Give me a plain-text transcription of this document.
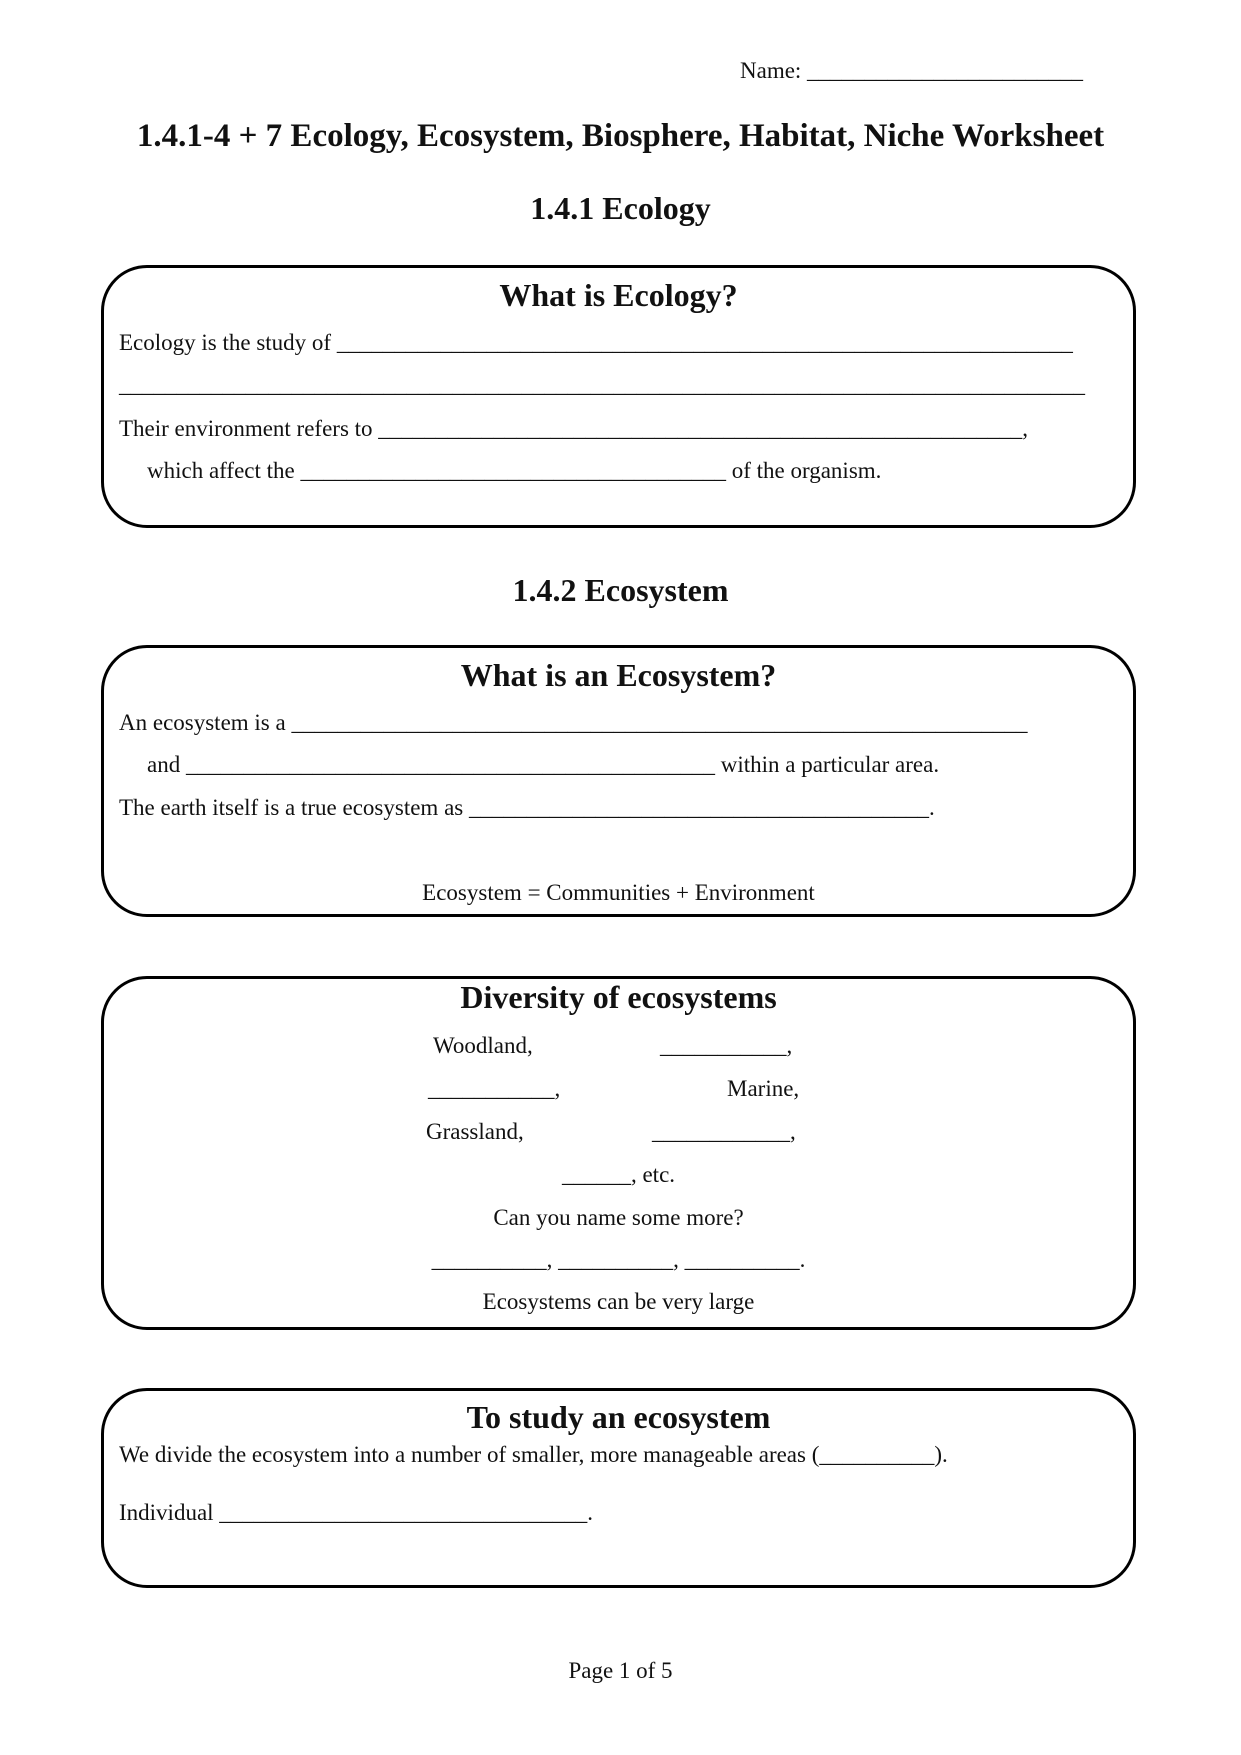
Name: ________________________
1.4.1-4 + 7 Ecology, Ecosystem, Biosphere, Habitat, Niche Worksheet
1.4.1 Ecology
What is Ecology?
Ecology is the study of ________________________________________________________________
____________________________________________________________________________________
Their environment refers to ________________________________________________________,
which affect the _____________________________________ of the organism.
1.4.2 Ecosystem
What is an Ecosystem?
An ecosystem is a ________________________________________________________________
and ______________________________________________ within a particular area.
The earth itself is a true ecosystem as ________________________________________.
Ecosystem = Communities + Environment
Diversity of ecosystems
Woodland,	___________,
___________,	Marine,
Grassland,	____________,
______, etc.
Can you name some more?
__________, __________, __________.
Ecosystems can be very large
To study an ecosystem
We divide the ecosystem into a number of smaller, more manageable areas (__________).
Individual ________________________________.
Page 1 of 5
